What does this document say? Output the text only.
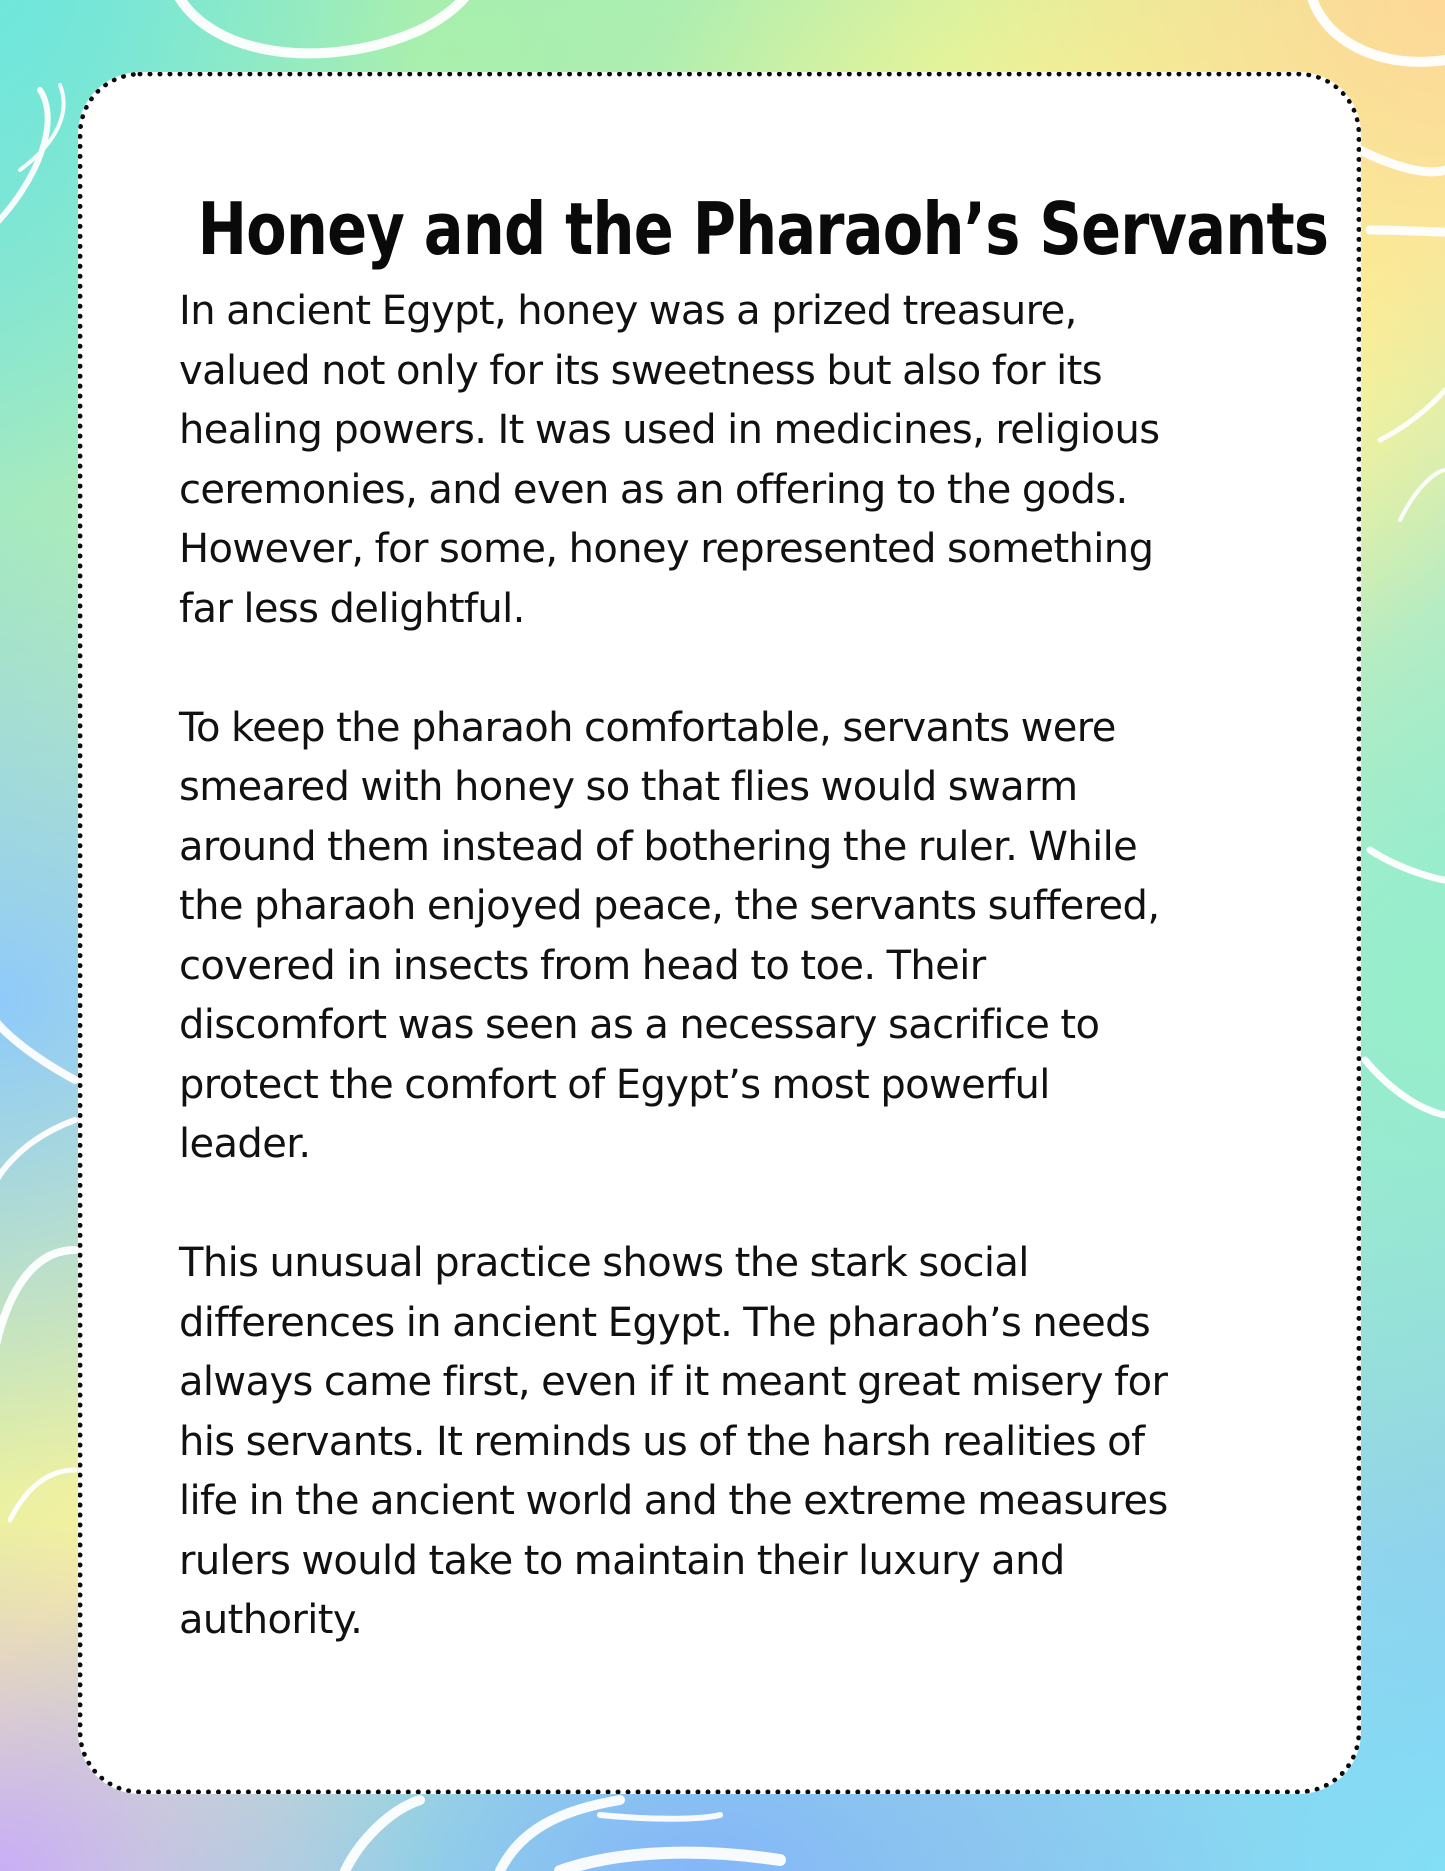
Honey and the Pharaoh’s Servants

In ancient Egypt, honey was a prized treasure,
valued not only for its sweetness but also for its
healing powers. It was used in medicines, religious
ceremonies, and even as an offering to the gods.
However, for some, honey represented something
far less delightful.

To keep the pharaoh comfortable, servants were
smeared with honey so that flies would swarm
around them instead of bothering the ruler. While
the pharaoh enjoyed peace, the servants suffered,
covered in insects from head to toe. Their
discomfort was seen as a necessary sacrifice to
protect the comfort of Egypt’s most powerful
leader.

This unusual practice shows the stark social
differences in ancient Egypt. The pharaoh’s needs
always came first, even if it meant great misery for
his servants. It reminds us of the harsh realities of
life in the ancient world and the extreme measures
rulers would take to maintain their luxury and
authority.
